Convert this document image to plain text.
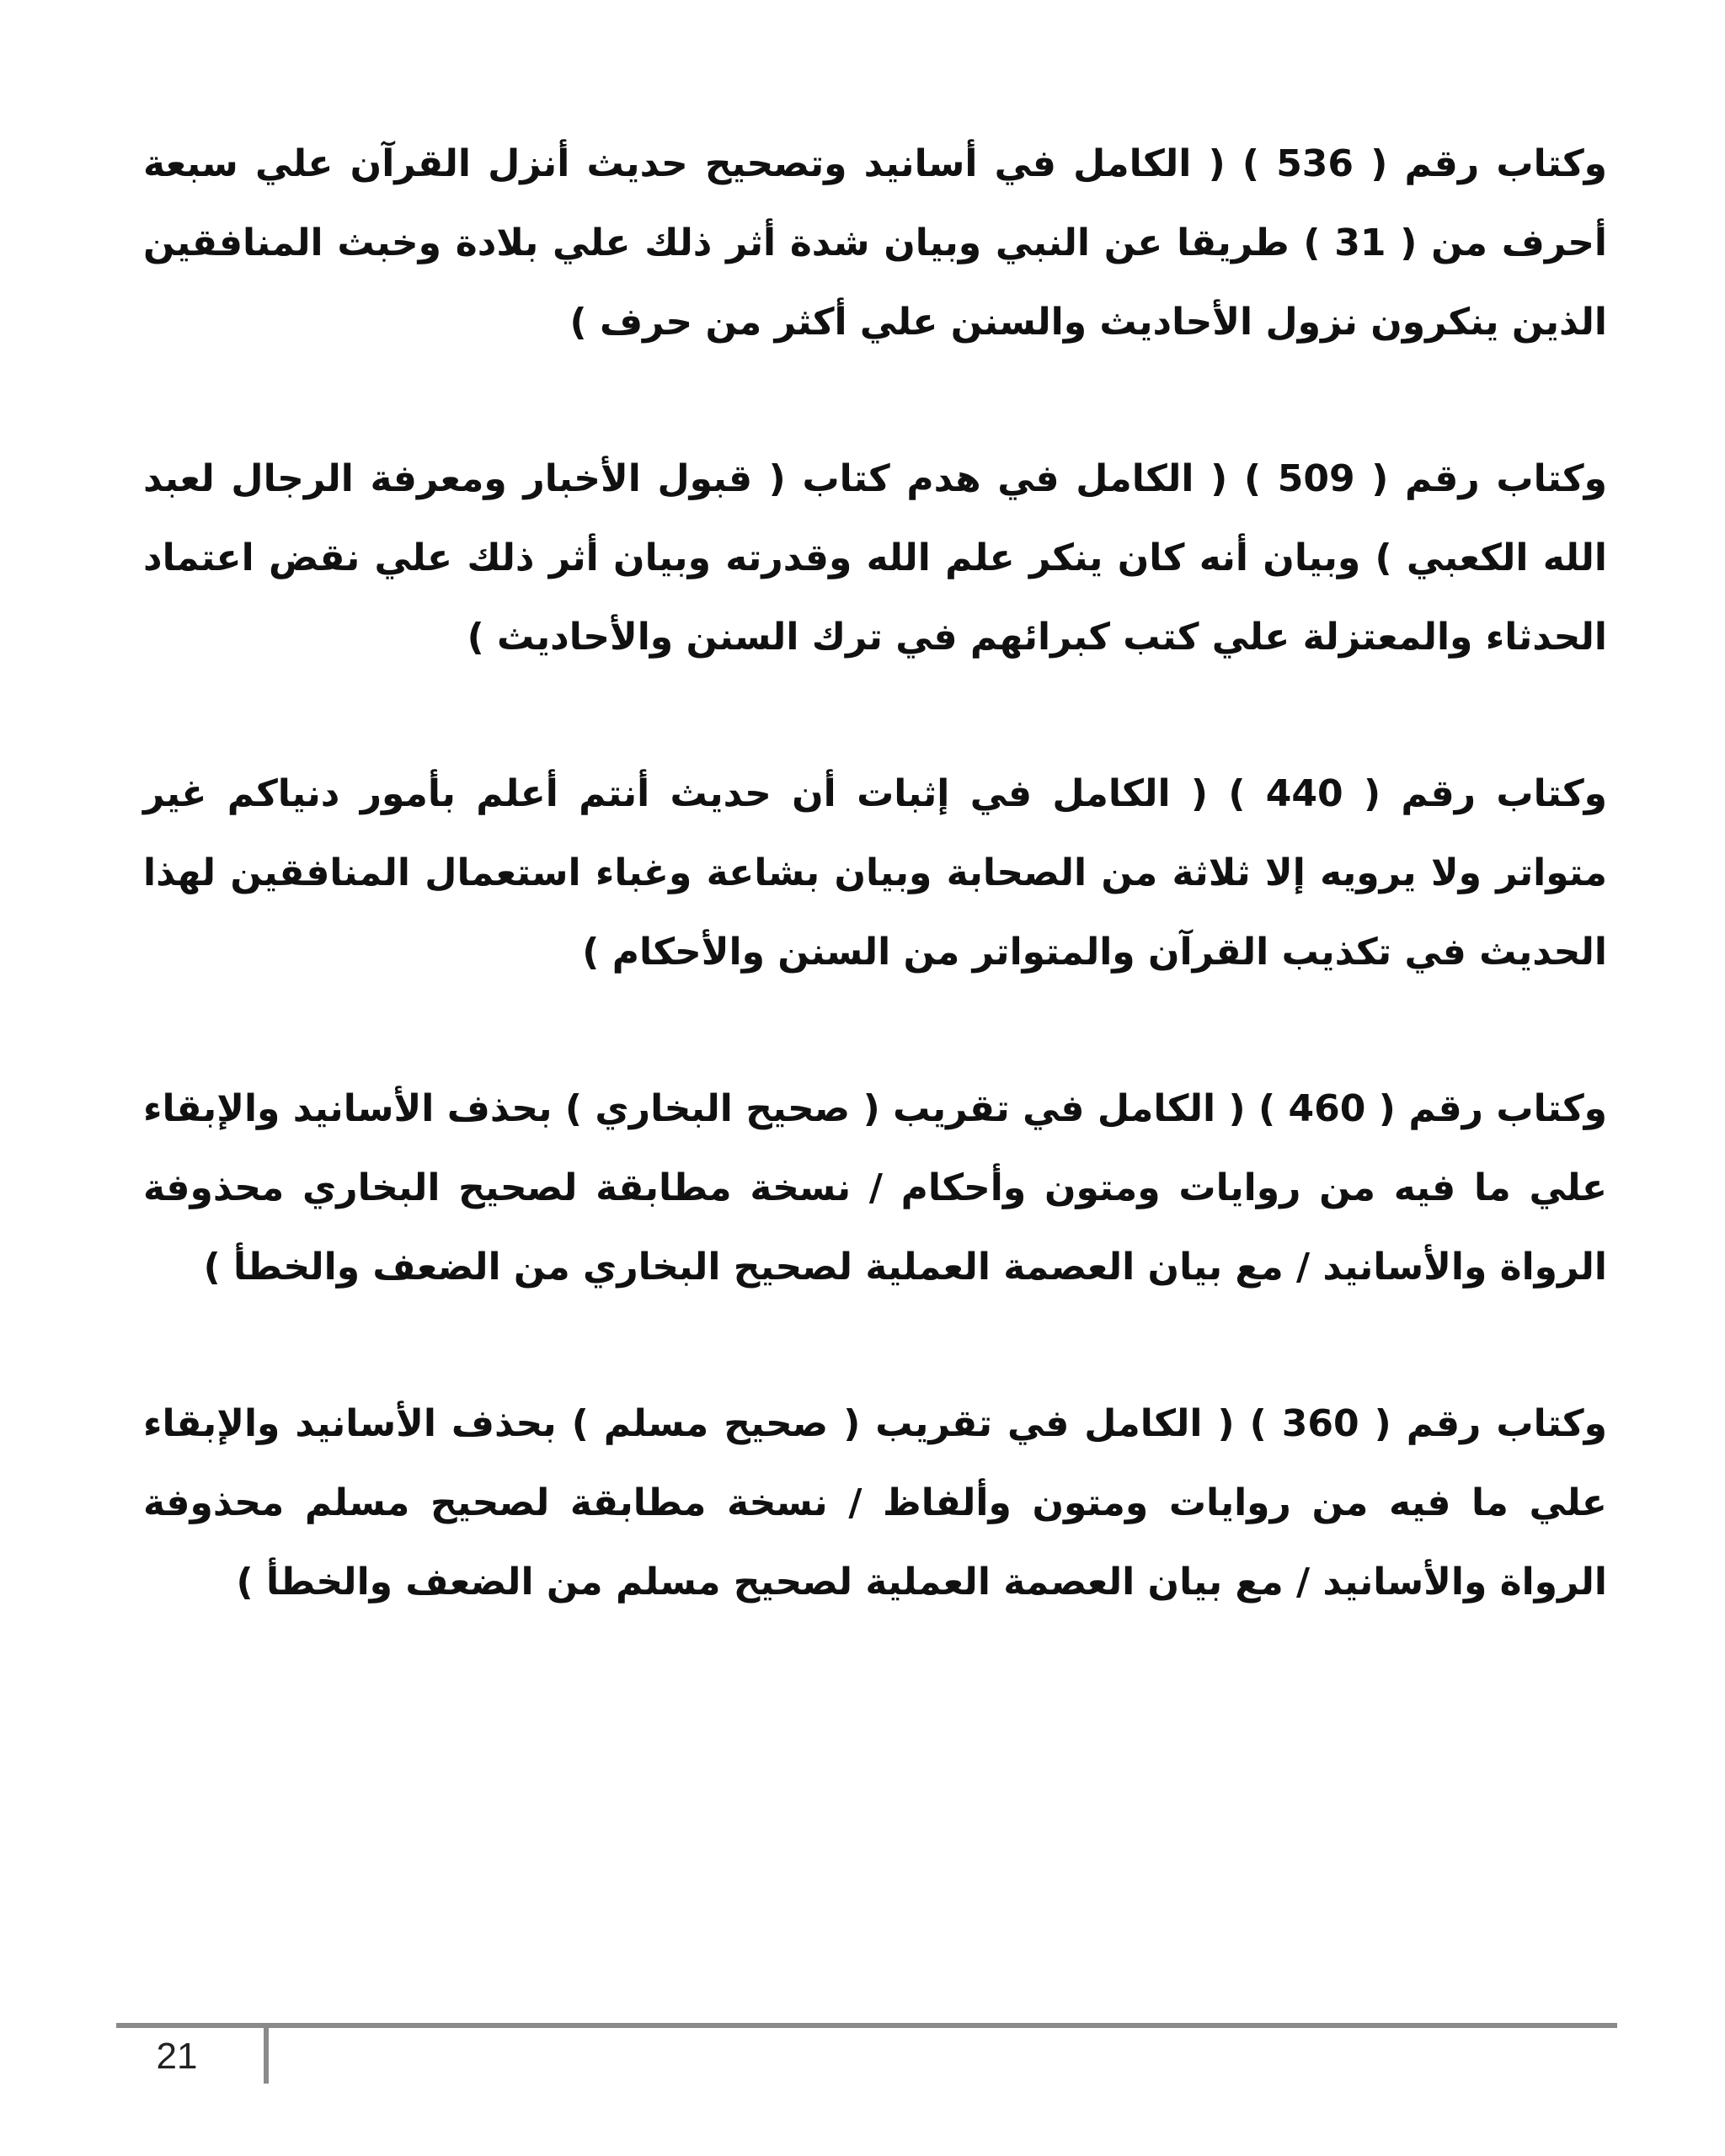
وكتاب رقم ( 536 ) ( الكامل في أسانيد وتصحيح حديث أنزل القرآن علي سبعة أحرف من ( 31 ) طريقا عن النبي وبيان شدة أثر ذلك علي بلادة وخبث المنافقين الذين ينكرون نزول الأحاديث والسنن علي أكثر من حرف )

وكتاب رقم ( 509 ) ( الكامل في هدم كتاب ( قبول الأخبار ومعرفة الرجال لعبد الله الكعبي ) وبيان أنه كان ينكر علم الله وقدرته وبيان أثر ذلك علي نقض اعتماد الحدثاء والمعتزلة علي كتب كبرائهم في ترك السنن والأحاديث )

وكتاب رقم ( 440 ) ( الكامل في إثبات أن حديث أنتم أعلم بأمور دنياكم غير متواتر ولا يرويه إلا ثلاثة من الصحابة وبيان بشاعة وغباء استعمال المنافقين لهذا الحديث في تكذيب القرآن والمتواتر من السنن والأحكام )

وكتاب رقم ( 460 ) ( الكامل في تقريب ( صحيح البخاري ) بحذف الأسانيد والإبقاء علي ما فيه من روايات ومتون وأحكام / نسخة مطابقة لصحيح البخاري محذوفة الرواة والأسانيد / مع بيان العصمة العملية لصحيح البخاري من الضعف والخطأ )

وكتاب رقم ( 360 ) ( الكامل في تقريب ( صحيح مسلم ) بحذف الأسانيد والإبقاء علي ما فيه من روايات ومتون وألفاظ / نسخة مطابقة لصحيح مسلم محذوفة الرواة والأسانيد / مع بيان العصمة العملية لصحيح مسلم من الضعف والخطأ )

21
